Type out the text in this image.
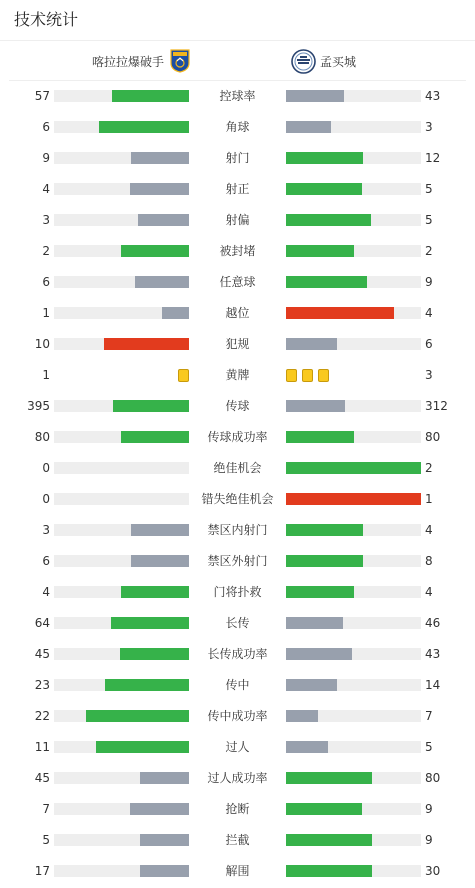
技术统计
喀拉拉爆破手	孟买城
57	控球率	43
6	角球	3
9	射门	12
4	射正	5
3	射偏	5
2	被封堵	2
6	任意球	9
1	越位	4
10	犯规	6
1	黄牌	3
395	传球	312
80	传球成功率	80
0	绝佳机会	2
0	错失绝佳机会	1
3	禁区内射门	4
6	禁区外射门	8
4	门将扑救	4
64	长传	46
45	长传成功率	43
23	传中	14
22	传中成功率	7
11	过人	5
45	过人成功率	80
7	抢断	9
5	拦截	9
17	解围	30
